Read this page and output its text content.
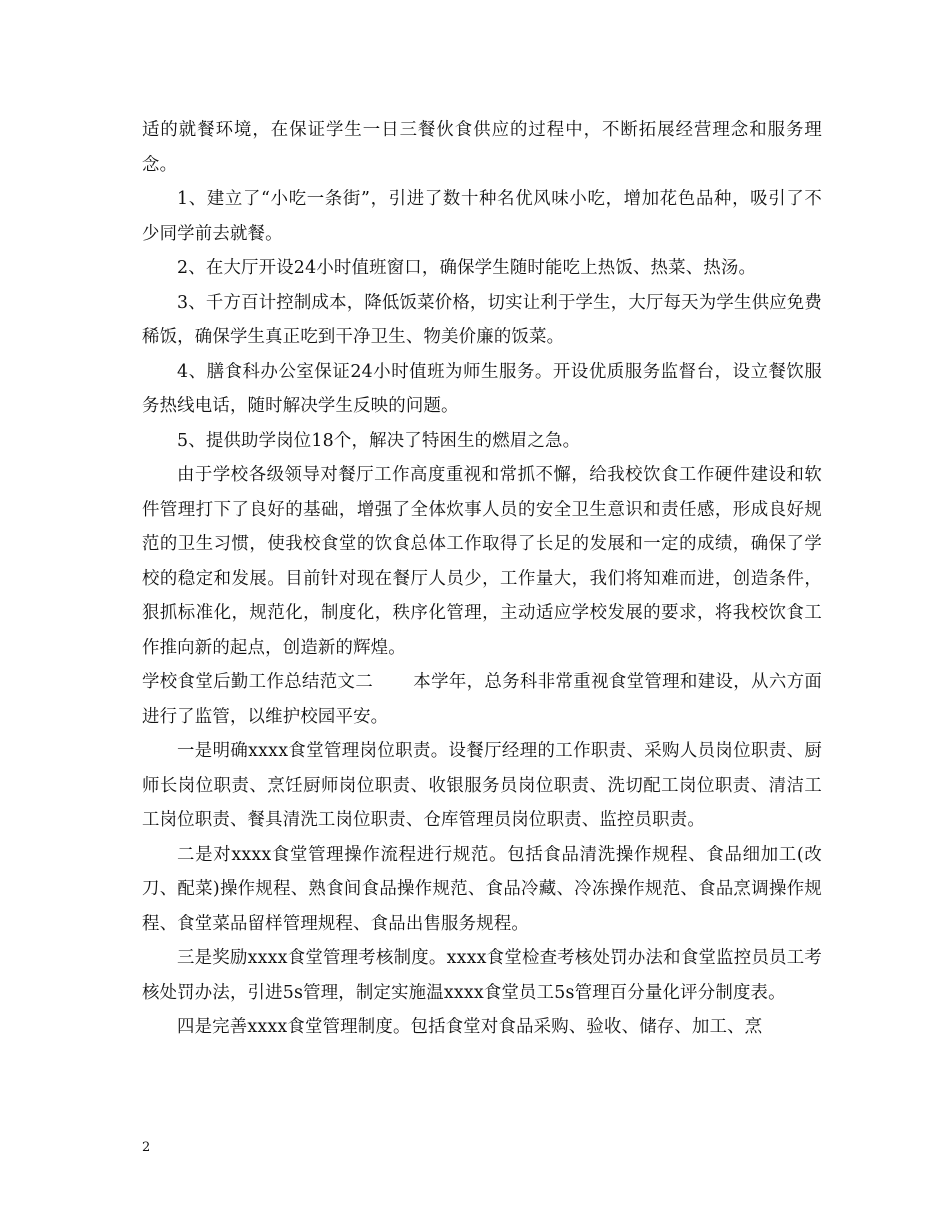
适的就餐环境，在保证学生一日三餐伙食供应的过程中，不断拓展经营理念和服务理念。

1、建立了“小吃一条街”，引进了数十种名优风味小吃，增加花色品种，吸引了不少同学前去就餐。

2、在大厅开设24小时值班窗口，确保学生随时能吃上热饭、热菜、热汤。

3、千方百计控制成本，降低饭菜价格，切实让利于学生，大厅每天为学生供应免费稀饭，确保学生真正吃到干净卫生、物美价廉的饭菜。

4、膳食科办公室保证24小时值班为师生服务。开设优质服务监督台，设立餐饮服务热线电话，随时解决学生反映的问题。

5、提供助学岗位18个，解决了特困生的燃眉之急。

由于学校各级领导对餐厅工作高度重视和常抓不懈，给我校饮食工作硬件建设和软件管理打下了良好的基础，增强了全体炊事人员的安全卫生意识和责任感，形成良好规范的卫生习惯，使我校食堂的饮食总体工作取得了长足的发展和一定的成绩，确保了学校的稳定和发展。目前针对现在餐厅人员少，工作量大，我们将知难而进，创造条件，狠抓标准化，规范化，制度化，秩序化管理，主动适应学校发展的要求，将我校饮食工作推向新的起点，创造新的辉煌。

学校食堂后勤工作总结范文二 本学年，总务科非常重视食堂管理和建设，从六方面进行了监管，以维护校园平安。

一是明确xxxx食堂管理岗位职责。设餐厅经理的工作职责、采购人员岗位职责、厨师长岗位职责、烹饪厨师岗位职责、收银服务员岗位职责、洗切配工岗位职责、清洁工工岗位职责、餐具清洗工岗位职责、仓库管理员岗位职责、监控员职责。

二是对xxxx食堂管理操作流程进行规范。包括食品清洗操作规程、食品细加工(改刀、配菜)操作规程、熟食间食品操作规范、食品冷藏、冷冻操作规范、食品烹调操作规程、食堂菜品留样管理规程、食品出售服务规程。

三是奖励xxxx食堂管理考核制度。xxxx食堂检查考核处罚办法和食堂监控员员工考核处罚办法，引进5s管理，制定实施温xxxx食堂员工5s管理百分量化评分制度表。

四是完善xxxx食堂管理制度。包括食堂对食品采购、验收、储存、加工、烹

2
